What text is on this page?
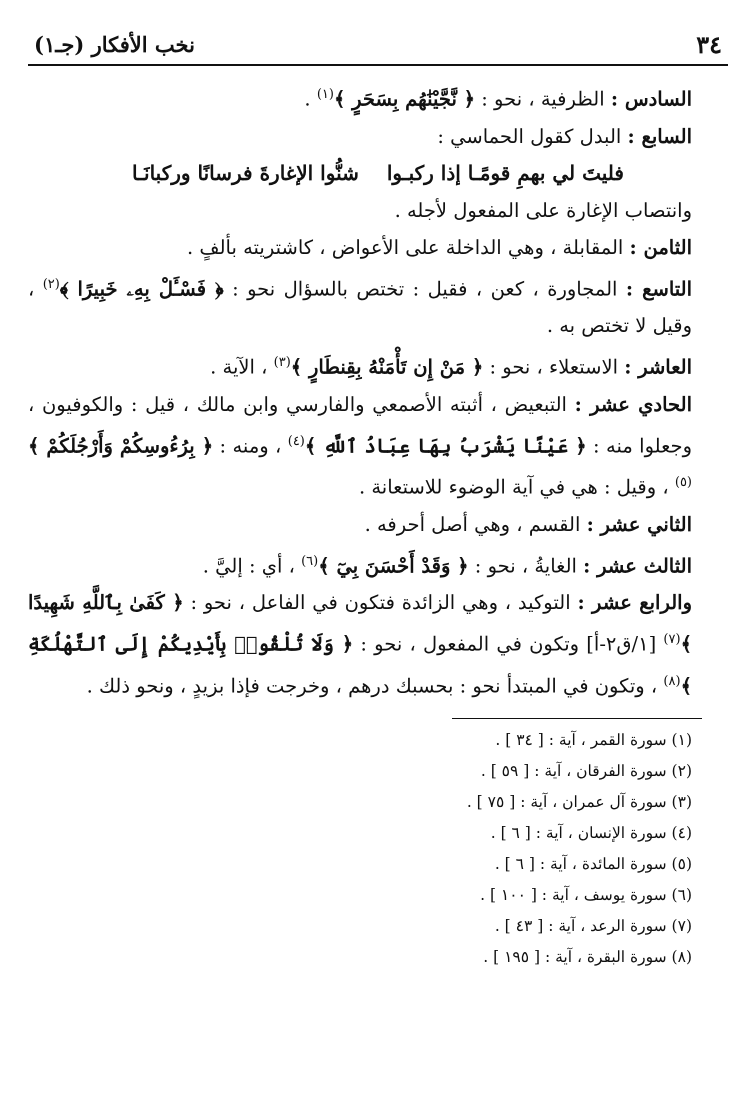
٣٤
نخب الأفكار (جـ١)

السادس : الظرفية ، نحو : ﴿ نَّجَّيْنَٰهُم بِسَحَرٍ ﴾$^{(١)}$ .

السابع : البدل كقول الحماسي :

فليتَ لي بهمِ قومًـا إذا ركبـواشنُّوا الإغارةَ فرسانًا وركبانَـا

وانتصاب الإغارة على المفعول لأجله .

الثامن : المقابلة ، وهي الداخلة على الأعواض ، كاشتريته بألفٍ .

التاسع : المجاورة ، كعن ، فقيل : تختص بالسؤال نحو : ﴿ فَسْـَٔلْ بِهِۦ خَبِيرًا ﴾$^{(٢)}$ ، وقيل لا تختص به .

العاشر : الاستعلاء ، نحو : ﴿ مَنْ إِن تَأْمَنْهُ بِقِنطَارٍ ﴾$^{(٣)}$ ، الآية .

الحادي عشر : التبعيض ، أثبته الأصمعي والفارسي وابن مالك ، قيل : والكوفيون ، وجعلوا منه : ﴿ عَيْنًا يَشْرَبُ بِهَا عِبَادُ ٱللَّهِ ﴾$^{(٤)}$ ، ومنه : ﴿ بِرُءُوسِكُمْ وَأَرْجُلَكُمْ ﴾$^{(٥)}$ ، وقيل : هي في آية الوضوء للاستعانة .

الثاني عشر : القسم ، وهي أصل أحرفه .

الثالث عشر : الغايةُ ، نحو : ﴿ وَقَدْ أَحْسَنَ بِيٓ ﴾$^{(٦)}$ ، أي : إليَّ .

والرابع عشر : التوكيد ، وهي الزائدة فتكون في الفاعل ، نحو : ﴿ كَفَىٰ بِٱللَّهِ شَهِيدًا ﴾$^{(٧)}$ [١/ق٢-أ] وتكون في المفعول ، نحو : ﴿ وَلَا تُلْقُوا۟ بِأَيْدِيكُمْ إِلَى ٱلتَّهْلُكَةِ ﴾$^{(٨)}$ ، وتكون في المبتدأ نحو : بحسبك درهم ، وخرجت فإذا بزيدٍ ، ونحو ذلك .

(١) سورة القمر ، آية : [ ٣٤ ] .

(٢) سورة الفرقان ، آية : [ ٥٩ ] .

(٣) سورة آل عمران ، آية : [ ٧٥ ] .

(٤) سورة الإنسان ، آية : [ ٦ ] .

(٥) سورة المائدة ، آية : [ ٦ ] .

(٦) سورة يوسف ، آية : [ ١٠٠ ] .

(٧) سورة الرعد ، آية : [ ٤٣ ] .

(٨) سورة البقرة ، آية : [ ١٩٥ ] .
